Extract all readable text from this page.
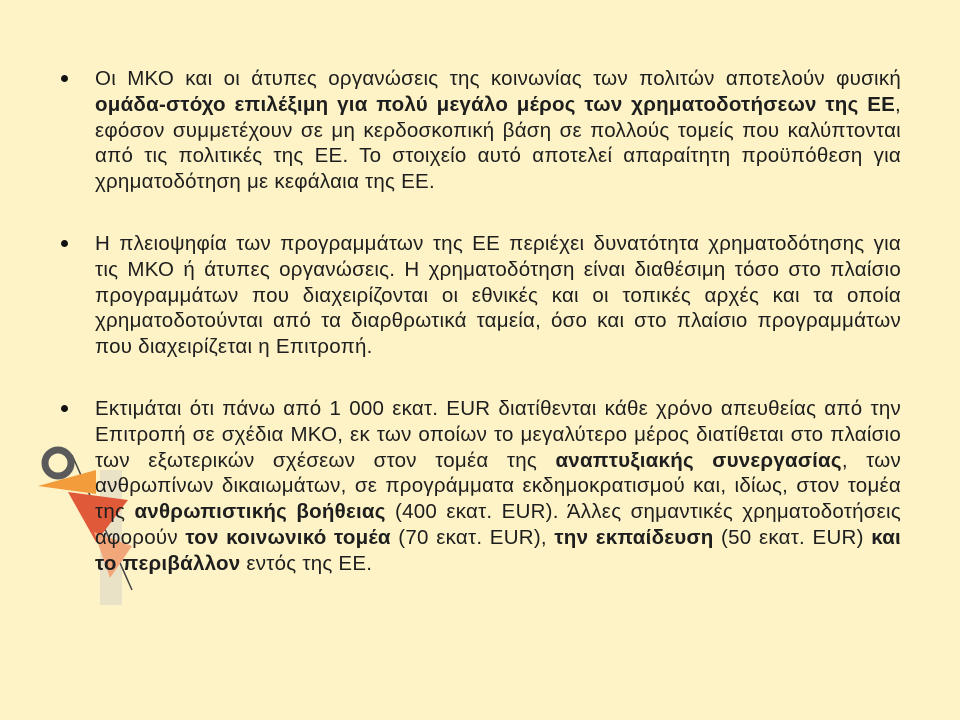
Οι ΜΚΟ και οι άτυπες οργανώσεις της κοινωνίας των πολιτών αποτελούν φυσική ομάδα-στόχο επιλέξιμη για πολύ μεγάλο μέρος των χρηματοδοτήσεων της ΕΕ, εφόσον συμμετέχουν σε μη κερδοσκοπική βάση σε πολλούς τομείς που καλύπτονται από τις πολιτικές της ΕΕ. Το στοιχείο αυτό αποτελεί απαραίτητη προϋπόθεση για χρηματοδότηση με κεφάλαια της ΕΕ.

Η πλειοψηφία των προγραμμάτων της ΕΕ περιέχει δυνατότητα χρηματοδότησης για τις ΜΚΟ ή άτυπες οργανώσεις. Η χρηματοδότηση είναι διαθέσιμη τόσο στο πλαίσιο προγραμμάτων που διαχειρίζονται οι εθνικές και οι τοπικές αρχές και τα οποία χρηματοδοτούνται από τα διαρθρωτικά ταμεία, όσο και στο πλαίσιο προγραμμάτων που διαχειρίζεται η Επιτροπή.

Εκτιμάται ότι πάνω από 1 000 εκατ. EUR διατίθενται κάθε χρόνο απευθείας από την Επιτροπή σε σχέδια ΜΚΟ, εκ των οποίων το μεγαλύτερο μέρος διατίθεται στο πλαίσιο των εξωτερικών σχέσεων στον τομέα της αναπτυξιακής συνεργασίας, των ανθρωπίνων δικαιωμάτων, σε προγράμματα εκδημοκρατισμού και, ιδίως, στον τομέα της ανθρωπιστικής βοήθειας (400 εκατ. EUR). Άλλες σημαντικές χρηματοδοτήσεις αφορούν τον κοινωνικό τομέα (70 εκατ. EUR), την εκπαίδευση (50 εκατ. EUR) και το περιβάλλον εντός της ΕΕ.
